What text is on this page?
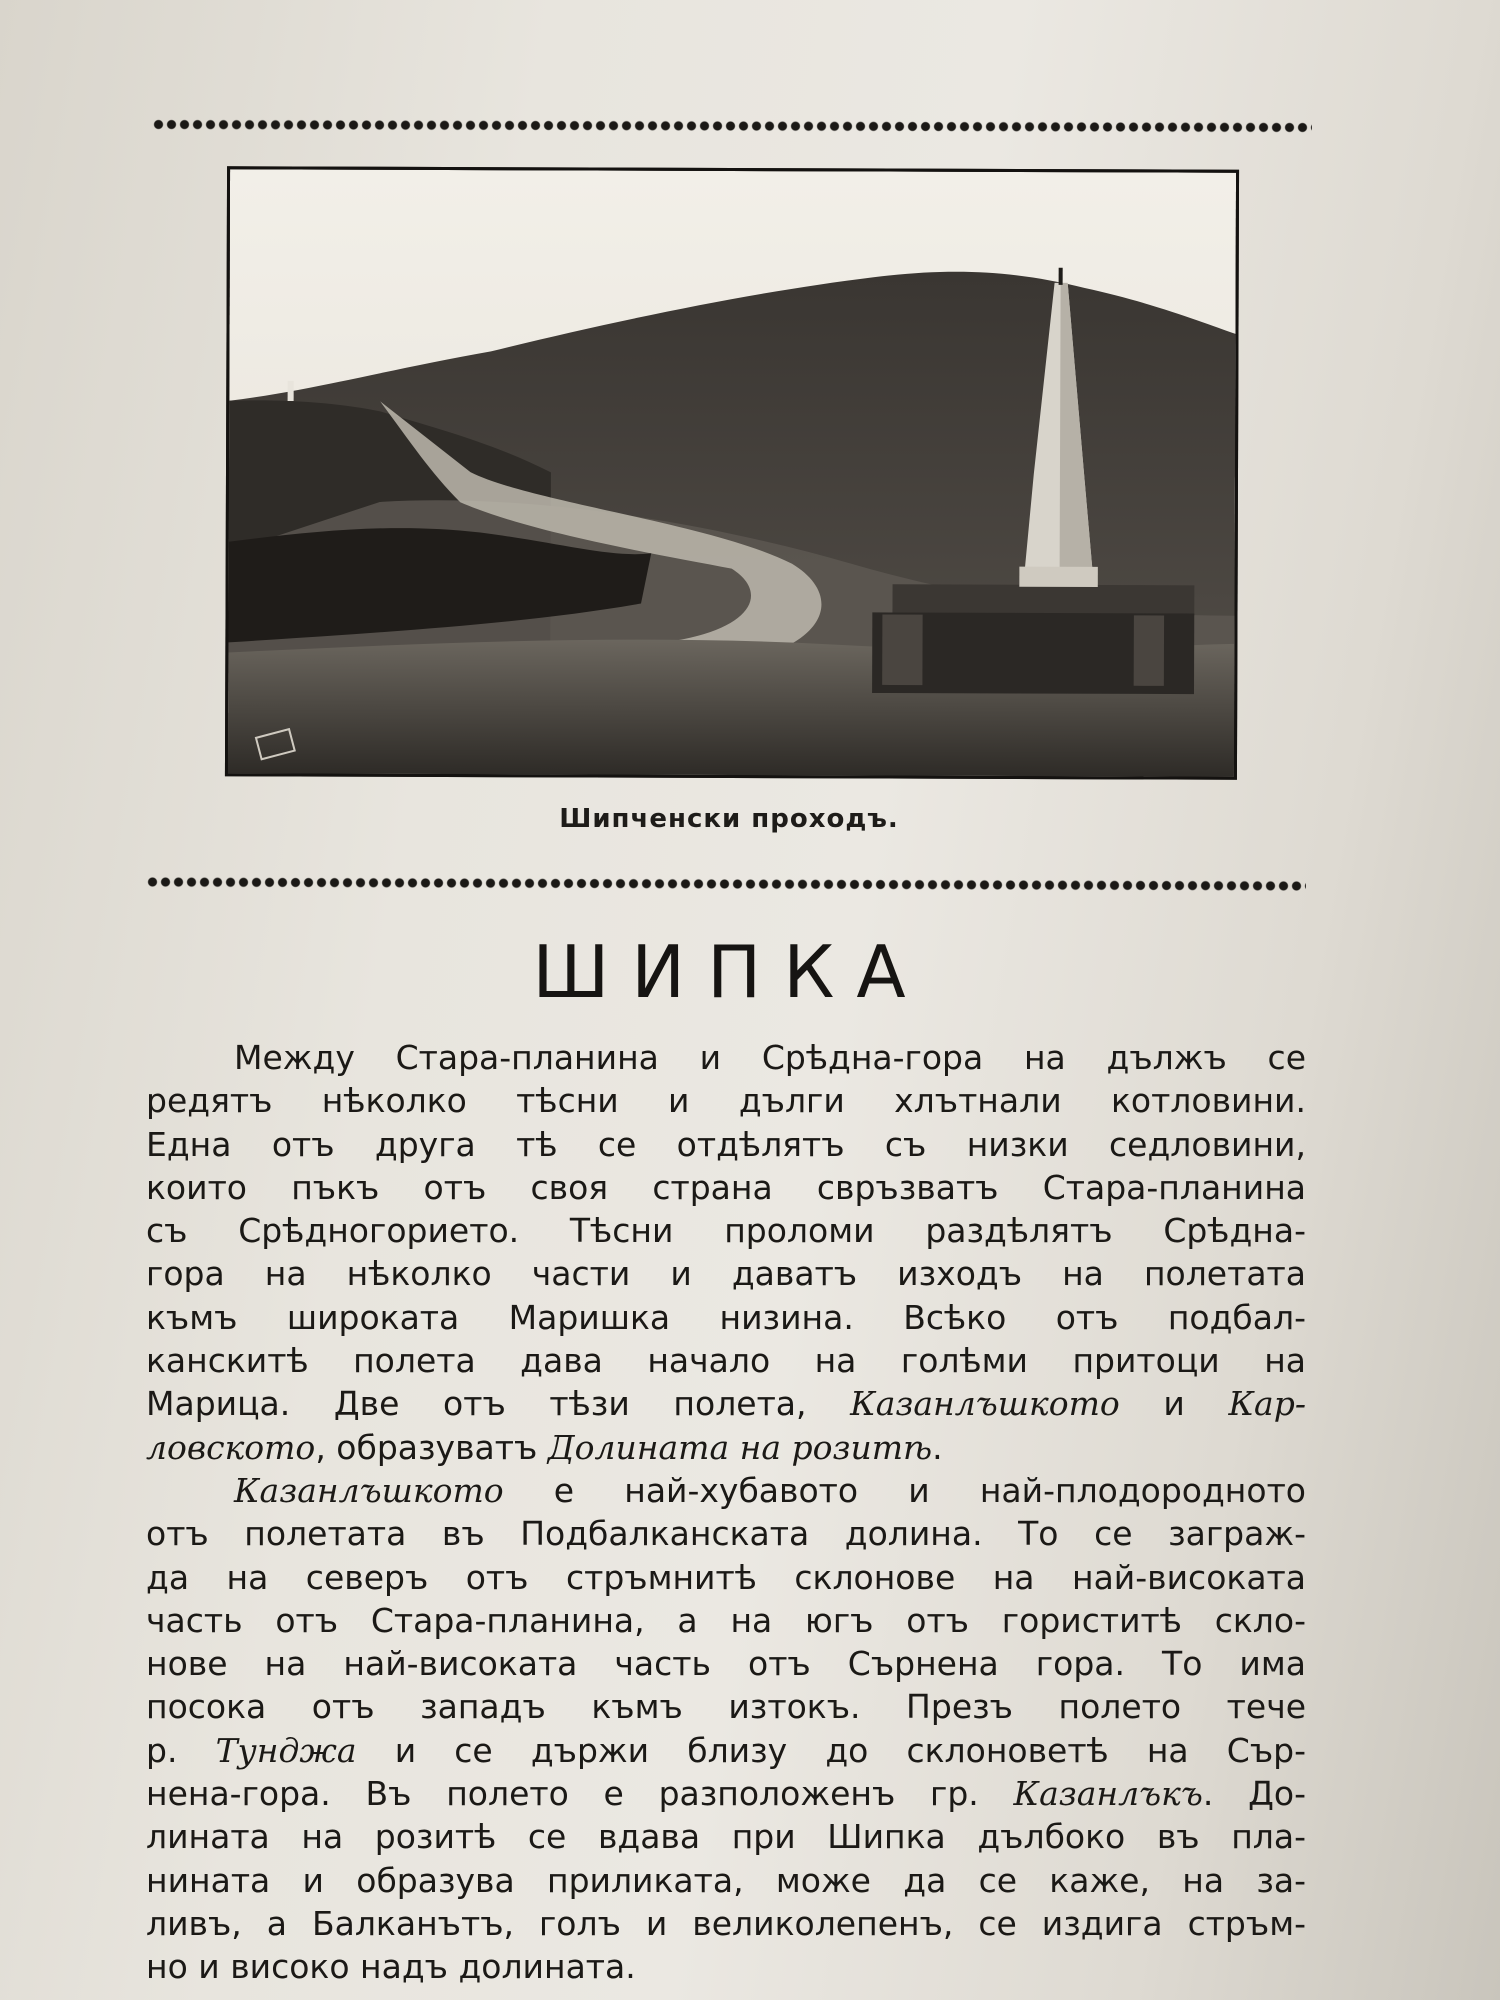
Шипченски проходъ.
ШИПКА
Между Стара-планина и Срѣдна-гора на дължъ се
редятъ нѣколко тѣсни и дълги хлътнали котловини.
Една отъ друга тѣ се отдѣлятъ съ низки седловини,
които пъкъ отъ своя страна свръзватъ Стара-планина
съ Срѣдногорието. Тѣсни проломи раздѣлятъ Срѣдна-
гора на нѣколко части и даватъ изходъ на полетата
къмъ широката Маришка низина. Всѣко отъ подбал-
канскитѣ полета дава начало на голѣми притоци на
Марица. Две отъ тѣзи полета, Казанлъшкото и Кар-
ловското, образуватъ Долината на розитѣ.
Казанлъшкото е най-хубавото и най-плодородното
отъ полетата въ Подбалканската долина. То се заграж-
да на северъ отъ стръмнитѣ склонове на най-високата
часть отъ Стара-планина, а на югъ отъ гориститѣ скло-
нове на най-високата часть отъ Сърнена гора. То има
посока отъ западъ къмъ изтокъ. Презъ полето тече
р. Тунджа и се държи близу до склоноветѣ на Сър-
нена-гора. Въ полето е разположенъ гр. Казанлъкъ. До-
лината на розитѣ се вдава при Шипка дълбоко въ пла-
нината и образува приликата, може да се каже, на за-
ливъ, а Балканътъ, голъ и великолепенъ, се издига стръм-
но и високо надъ долината.
